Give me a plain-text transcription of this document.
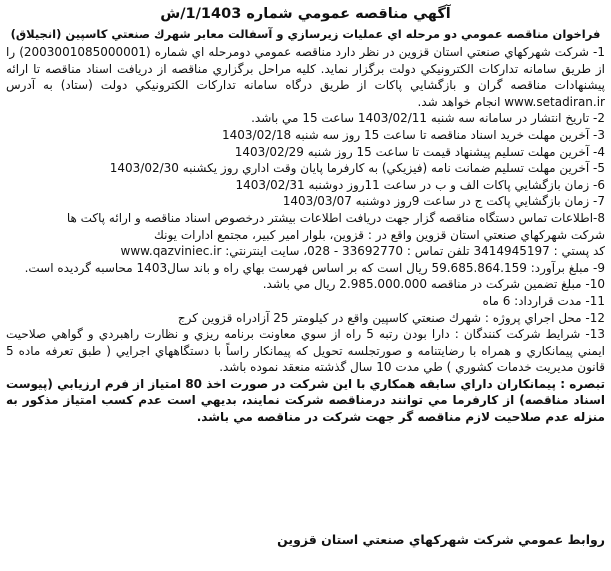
آگهي مناقصه عمومي شماره 1/1403/ش
فراخوان مناقصه عمومي دو مرحله اي عمليات زيرسازي و آسفالت معابر شهرك صنعتي كاسپين (انجيلاق)
1- شركت شهركهاي صنعتي استان قزوين در نظر دارد مناقصه عمومي دومرحله اي شماره (2003001085000001) را از طريق سامانه تداركات الكترونيكي دولت برگزار نمايد. كليه مراحل برگزاري مناقصه از دريافت اسناد مناقصه تا ارائه پيشنهادات مناقصه گران و بازگشايي پاكات از طريق درگاه سامانه تداركات الكترونيكي دولت (ستاد) به آدرس www.setadiran.ir انجام خواهد شد.
2- تاريخ انتشار در سامانه سه شنبه 1403/02/11 ساعت 15 مي باشد.
3- آخرين مهلت خريد اسناد مناقصه تا ساعت 15 روز سه شنبه 1403/02/18
4- آخرين مهلت تسليم پيشنهاد قيمت تا ساعت 15 روز شنبه 1403/02/29
5- آخرين مهلت تسليم ضمانت نامه (فيزيكي) به كارفرما پايان وقت اداري روز يكشنبه 1403/02/30
6- زمان بازگشايي پاكات الف و ب در ساعت 11روز دوشنبه 1403/02/31
7- زمان بازگشايي پاكت ج در ساعت 9روز دوشنبه 1403/03/07
8-اطلاعات تماس دستگاه مناقصه گزار جهت دريافت اطلاعات بيشتر درخصوص اسناد مناقصه و ارائه پاكت ها
شركت شهركهاي صنعتي استان قزوين واقع در : قزوين، بلوار امير كبير، مجتمع ادارات يونك
كد پستي : 3414945197 تلفن تماس : 33692770 - 028، سايت اينترنتي: www.qazviniec.ir
9- مبلغ برآورد: 59.685.864.159 ريال است كه بر اساس فهرست بهاي راه و باند سال1403 محاسبه گرديده است.
10- مبلغ تضمين شركت در مناقصه 2.985.000.000 ريال مي باشد.
11- مدت قرارداد: 6 ماه
12- محل اجراي پروژه : شهرك صنعتي كاسپين واقع در كيلومتر 25 آزادراه قزوين كرج
13- شرايط شركت كنندگان : دارا بودن رتبه 5 راه از سوي معاونت برنامه ريزي و نظارت راهبردي و گواهي صلاحيت ايمني پيمانكاري و همراه با رضايتنامه و صورتجلسه تحويل كه پيمانكار راساً با دستگاههاي اجرايي ( طبق تعرفه ماده 5 قانون مديريت خدمات كشوري ) طي مدت 10 سال گذشته منعقد نموده باشد.
تبصره : پيمانكاران داراي سابقه همكاري با اين شركت در صورت اخذ 80 امتياز از فرم ارزيابي (پيوست اسناد مناقصه) از كارفرما مي توانند درمناقصه شركت نمايند، بديهي است عدم كسب امتياز مذكور به منزله عدم صلاحيت لازم مناقصه گر جهت شركت در مناقصه مي باشد.
روابط عمومي شركت شهركهاي صنعتي استان قزوين
